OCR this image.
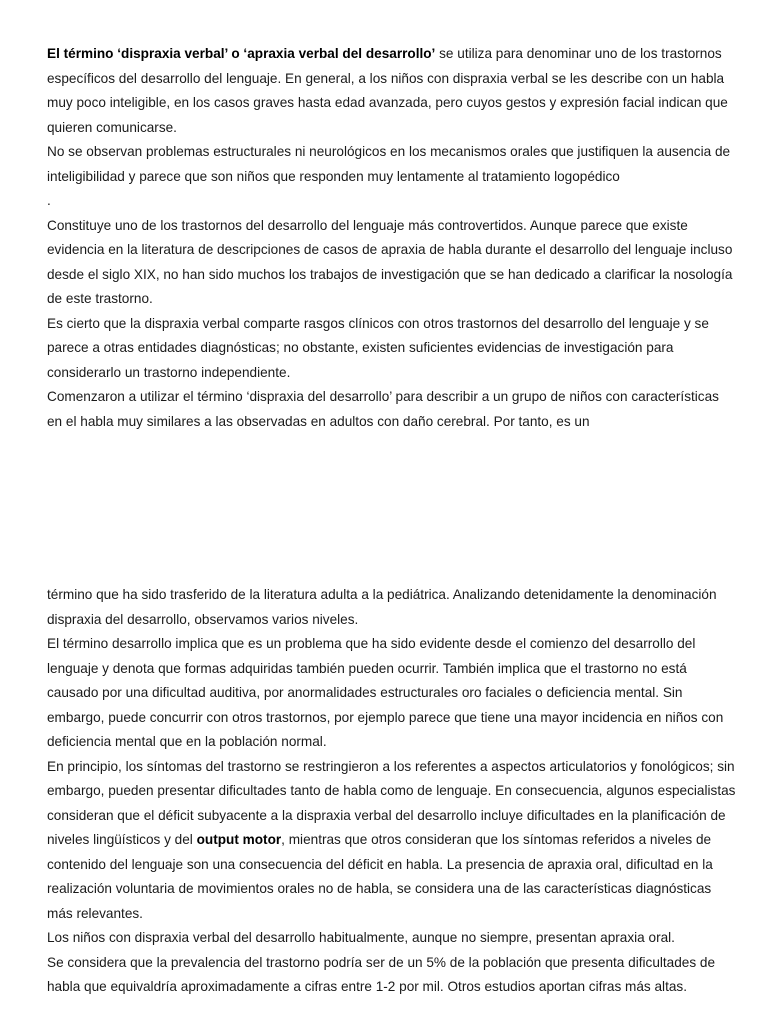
El término ‘dispraxia verbal’ o ‘apraxia verbal del desarrollo’ se utiliza para denominar uno de los trastornos específicos del desarrollo del lenguaje. En general, a los niños con dispraxia verbal se les describe con un habla muy poco inteligible, en los casos graves hasta edad avanzada, pero cuyos gestos y expresión facial indican que quieren comunicarse.

No se observan problemas estructurales ni neurológicos en los mecanismos orales que justifiquen la ausencia de inteligibilidad y parece que son niños que responden muy lentamente al tratamiento logopédico

.

Constituye uno de los trastornos del desarrollo del lenguaje más controvertidos. Aunque parece que existe evidencia en la literatura de descripciones de casos de apraxia de habla durante el desarrollo del lenguaje incluso desde el siglo XIX, no han sido muchos los trabajos de investigación que se han dedicado a clarificar la nosología de este trastorno.

Es cierto que la dispraxia verbal comparte rasgos clínicos con otros trastornos del desarrollo del lenguaje y se parece a otras entidades diagnósticas; no obstante, existen suficientes evidencias de investigación para considerarlo un trastorno independiente.

Comenzaron a utilizar el término ‘dispraxia del desarrollo’ para describir a un grupo de niños con características en el habla muy similares a las observadas en adultos con daño cerebral. Por tanto, es un

término que ha sido trasferido de la literatura adulta a la pediátrica. Analizando detenidamente la denominación dispraxia del desarrollo, observamos varios niveles.

El término desarrollo implica que es un problema que ha sido evidente desde el comienzo del desarrollo del lenguaje y denota que formas adquiridas también pueden ocurrir. También implica que el trastorno no está causado por una dificultad auditiva, por anormalidades estructurales oro faciales o deficiencia mental. Sin embargo, puede concurrir con otros trastornos, por ejemplo parece que tiene una mayor incidencia en niños con deficiencia mental que en la población normal.

En principio, los síntomas del trastorno se restringieron a los referentes a aspectos articulatorios y fonológicos; sin embargo, pueden presentar dificultades tanto de habla como de lenguaje. En consecuencia, algunos especialistas consideran que el déficit subyacente a la dispraxia verbal del desarrollo incluye dificultades en la planificación de niveles lingüísticos y del output motor, mientras que otros consideran que los síntomas referidos a niveles de contenido del lenguaje son una consecuencia del déficit en habla. La presencia de apraxia oral, dificultad en la realización voluntaria de movimientos orales no de habla, se considera una de las características diagnósticas más relevantes.

Los niños con dispraxia verbal del desarrollo habitualmente, aunque no siempre, presentan apraxia oral.

Se considera que la prevalencia del trastorno podría ser de un 5% de la población que presenta dificultades de habla que equivaldría aproximadamente a cifras entre 1-2 por mil. Otros estudios aportan cifras más altas.
